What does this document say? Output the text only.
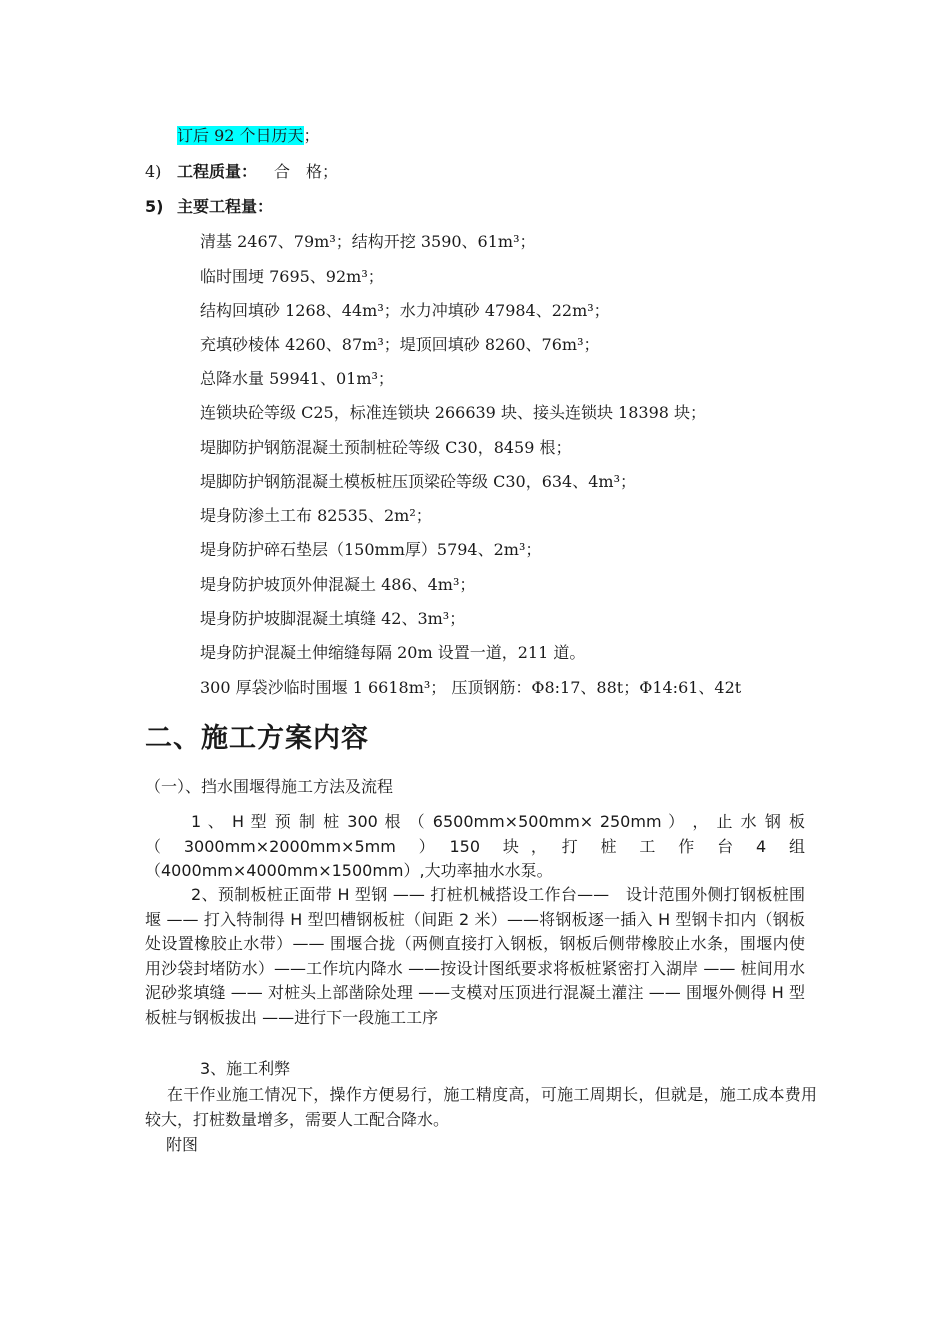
订后 92 个日历天；
4) 工程质量： 合　格；
5) 主要工程量：
清基 2467、79m³；结构开挖 3590、61m³；
临时围埂 7695、92m³；
结构回填砂 1268、44m³；水力冲填砂 47984、22m³；
充填砂棱体 4260、87m³；堤顶回填砂 8260、76m³；
总降水量 59941、01m³；
连锁块砼等级 C25，标准连锁块 266639 块、接头连锁块 18398 块；
堤脚防护钢筋混凝土预制桩砼等级 C30，8459 根；
堤脚防护钢筋混凝土模板桩压顶梁砼等级 C30，634、4m³；
堤身防渗土工布 82535、2m²；
堤身防护碎石垫层（150mm厚）5794、2m³；
堤身防护坡顶外伸混凝土 486、4m³；
堤身防护坡脚混凝土填缝 42、3m³；
堤身防护混凝土伸缩缝每隔 20m 设置一道，211 道。
300 厚袋沙临时围堰 1 6618m³； 压顶钢筋：Φ8:17、88t；Φ14:61、42t
二、施工方案内容
（一）、挡水围堰得施工方法及流程
1 、 H 型 预 制 桩 300 根 （ 6500mm×500mm× 250mm ） ， 止 水 钢 板
（　3000mm×2000mm×5mm　）　150　块 ，　打　桩　工　作　台　4　组
（4000mm×4000mm×1500mm）,大功率抽水水泵。
2、预制板桩正面带 H 型钢 —— 打桩机械搭设工作台——　设计范围外侧打钢板桩围堰 —— 打入特制得 H 型凹槽钢板桩（间距 2 米）——将钢板逐一插入 H 型钢卡扣内（钢板处设置橡胶止水带）—— 围堰合拢（两侧直接打入钢板，钢板后侧带橡胶止水条，围堰内使用沙袋封堵防水）——工作坑内降水 ——按设计图纸要求将板桩紧密打入湖岸 —— 桩间用水泥砂浆填缝 —— 对桩头上部凿除处理 ——支模对压顶进行混凝土灌注 —— 围堰外侧得 H 型板桩与钢板拔出 ——进行下一段施工工序
3、施工利弊
在干作业施工情况下，操作方便易行，施工精度高，可施工周期长，但就是，施工成本费用较大，打桩数量增多，需要人工配合降水。
附图
